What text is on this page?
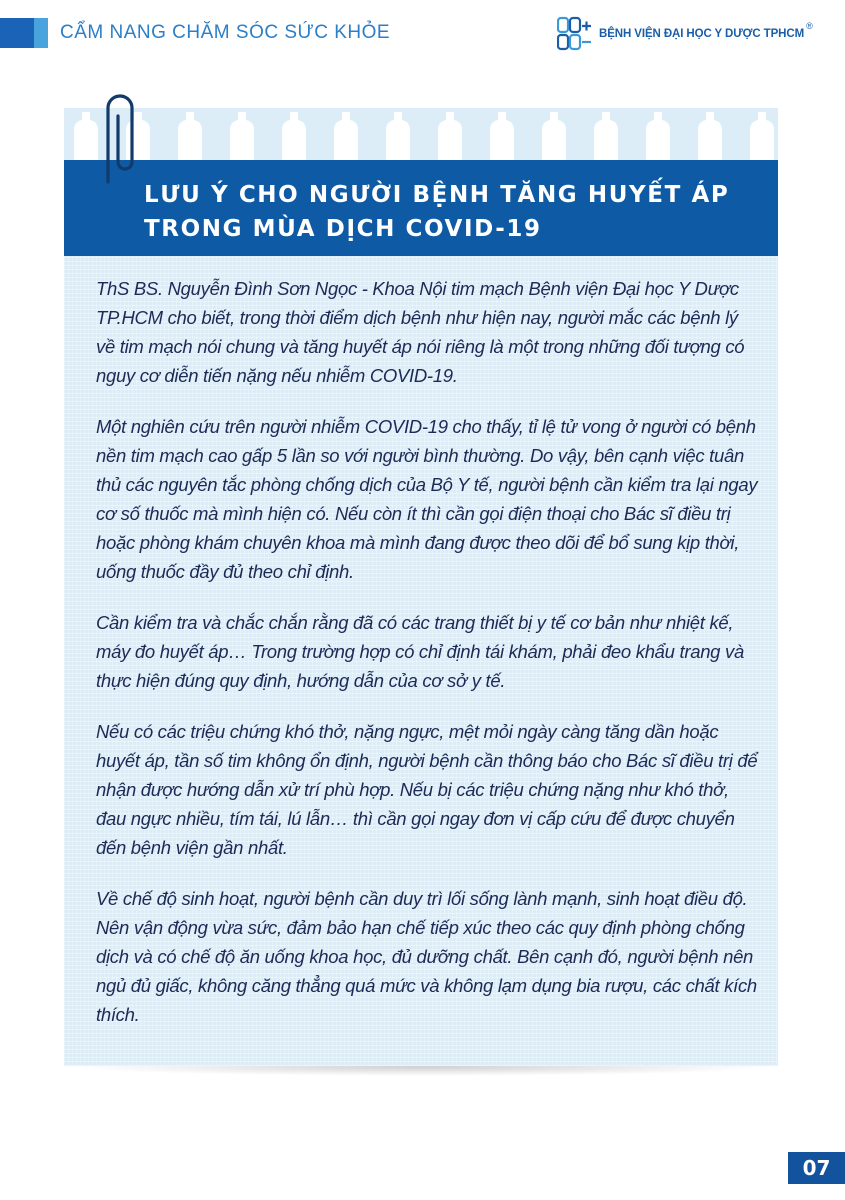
CẨM NANG CHĂM SÓC SỨC KHỎE	BỆNH VIỆN ĐẠI HỌC Y DƯỢC TPHCM
®
LƯU Ý CHO NGƯỜI BỆNH TĂNG HUYẾT ÁP
TRONG MÙA DỊCH COVID-19

ThS BS. Nguyễn Đình Sơn Ngọc - Khoa Nội tim mạch Bệnh viện Đại học Y Dược TP.HCM cho biết, trong thời điểm dịch bệnh như hiện nay, người mắc các bệnh lý về tim mạch nói chung và tăng huyết áp nói riêng là một trong những đối tượng có nguy cơ diễn tiến nặng nếu nhiễm COVID-19.

Một nghiên cứu trên người nhiễm COVID-19 cho thấy, tỉ lệ tử vong ở người có bệnh nền tim mạch cao gấp 5 lần so với người bình thường. Do vậy, bên cạnh việc tuân thủ các nguyên tắc phòng chống dịch của Bộ Y tế, người bệnh cần kiểm tra lại ngay cơ số thuốc mà mình hiện có. Nếu còn ít thì cần gọi điện thoại cho Bác sĩ điều trị hoặc phòng khám chuyên khoa mà mình đang được theo dõi để bổ sung kịp thời, uống thuốc đầy đủ theo chỉ định.

Cần kiểm tra và chắc chắn rằng đã có các trang thiết bị y tế cơ bản như nhiệt kế, máy đo huyết áp… Trong trường hợp có chỉ định tái khám, phải đeo khẩu trang và thực hiện đúng quy định, hướng dẫn của cơ sở y tế.

Nếu có các triệu chứng khó thở, nặng ngực, mệt mỏi ngày càng tăng dần hoặc huyết áp, tần số tim không ổn định, người bệnh cần thông báo cho Bác sĩ điều trị để nhận được hướng dẫn xử trí phù hợp. Nếu bị các triệu chứng nặng như khó thở, đau ngực nhiều, tím tái, lú lẫn… thì cần gọi ngay đơn vị cấp cứu để được chuyển đến bệnh viện gần nhất.

Về chế độ sinh hoạt, người bệnh cần duy trì lối sống lành mạnh, sinh hoạt điều độ. Nên vận động vừa sức, đảm bảo hạn chế tiếp xúc theo các quy định phòng chống dịch và có chế độ ăn uống khoa học, đủ dưỡng chất. Bên cạnh đó, người bệnh nên ngủ đủ giấc, không căng thẳng quá mức và không lạm dụng bia rượu, các chất kích thích.

07
